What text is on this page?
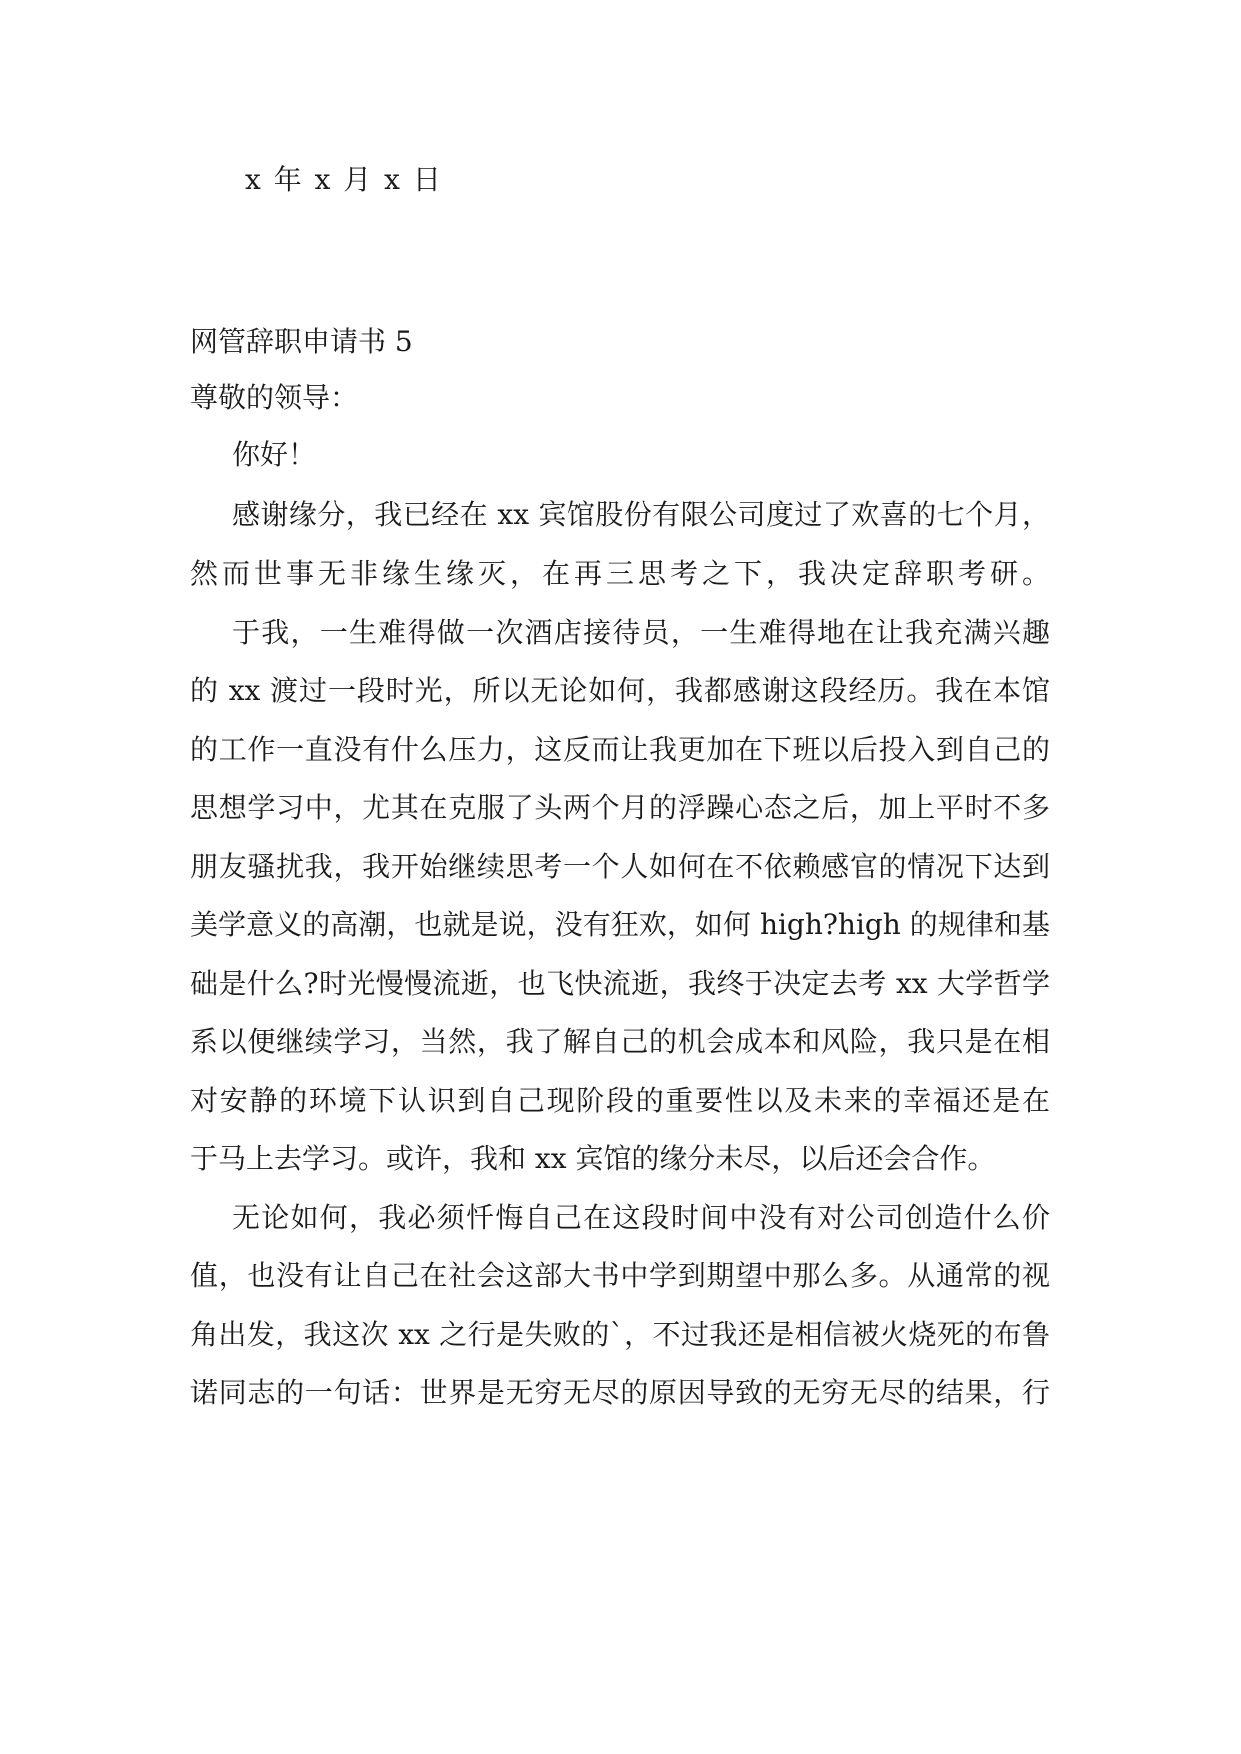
x 年 x 月 x 日
网管辞职申请书 5
尊敬的领导：
你好！
感谢缘分，我已经在 xx 宾馆股份有限公司度过了欢喜的七个月，
然而世事无非缘生缘灭，在再三思考之下，我决定辞职考研。
于我，一生难得做一次酒店接待员，一生难得地在让我充满兴趣
的 xx 渡过一段时光，所以无论如何，我都感谢这段经历。我在本馆
的工作一直没有什么压力，这反而让我更加在下班以后投入到自己的
思想学习中，尤其在克服了头两个月的浮躁心态之后，加上平时不多
朋友骚扰我，我开始继续思考一个人如何在不依赖感官的情况下达到
美学意义的高潮，也就是说，没有狂欢，如何 high?high 的规律和基
础是什么?时光慢慢流逝，也飞快流逝，我终于决定去考 xx 大学哲学
系以便继续学习，当然，我了解自己的机会成本和风险，我只是在相
对安静的环境下认识到自己现阶段的重要性以及未来的幸福还是在
于马上去学习。或许，我和 xx 宾馆的缘分未尽，以后还会合作。
无论如何，我必须忏悔自己在这段时间中没有对公司创造什么价
值，也没有让自己在社会这部大书中学到期望中那么多。从通常的视
角出发，我这次 xx 之行是失败的`，不过我还是相信被火烧死的布鲁
诺同志的一句话：世界是无穷无尽的原因导致的无穷无尽的结果，行
